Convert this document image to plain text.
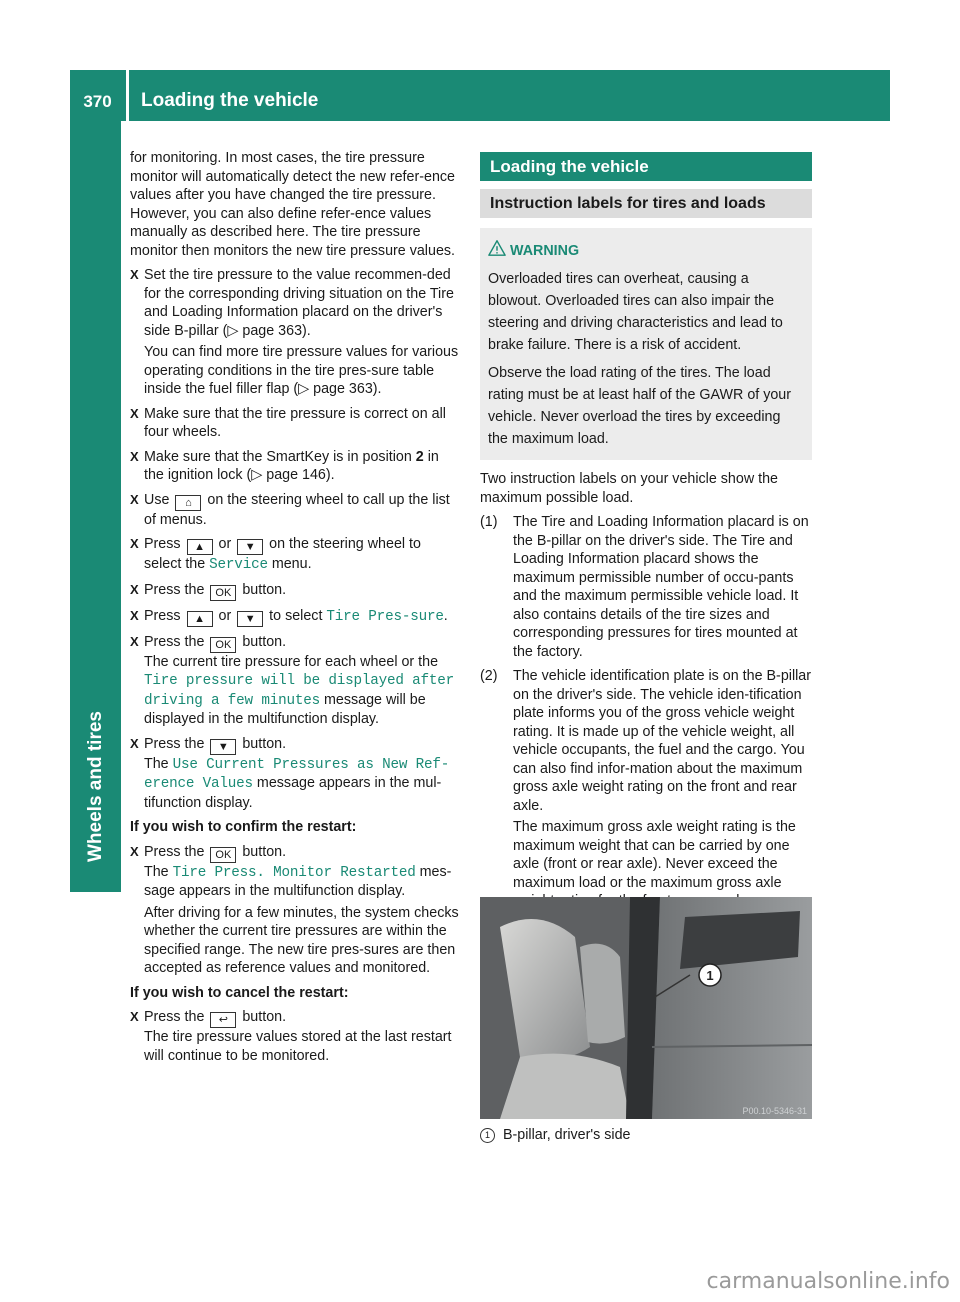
370	Loading the vehicle
Wheels and tires

for monitoring. In most cases, the tire pressure monitor will automatically detect the new refer-ence values after you have changed the tire pressure. However, you can also define refer-ence values manually as described here. The tire pressure monitor then monitors the new tire pressure values.

X Set the tire pressure to the value recommen-ded for the corresponding driving situation on the Tire and Loading Information placard on the driver's side B-pillar (▷ page 363).

You can find more tire pressure values for various operating conditions in the tire pres-sure table inside the fuel filler flap (▷ page 363).

X Make sure that the tire pressure is correct on all four wheels.

X Make sure that the SmartKey is in position 2 in the ignition lock (▷ page 146).

X Use ⌂ on the steering wheel to call up the list of menus.

X Press ▲ or ▼ on the steering wheel to select the Service menu.

X Press the OK button.

X Press ▲ or ▼ to select Tire Pres‐sure.

X Press the OK button.

The current tire pressure for each wheel or the Tire pressure will be displayed after driving a few minutes message will be displayed in the multifunction display.

X Press the ▼ button.

The Use Current Pressures as New Ref‐erence Values message appears in the mul-tifunction display.

If you wish to confirm the restart:

X Press the OK button.

The Tire Press. Monitor Restarted mes-sage appears in the multifunction display.

After driving for a few minutes, the system checks whether the current tire pressures are within the specified range. The new tire pres-sures are then accepted as reference values and monitored.

If you wish to cancel the restart:

X Press the ↩ button.

The tire pressure values stored at the last restart will continue to be monitored.

Loading the vehicle
Instruction labels for tires and loads
WARNING

Overloaded tires can overheat, causing a blowout. Overloaded tires can also impair the steering and driving characteristics and lead to brake failure. There is a risk of accident.

Observe the load rating of the tires. The load rating must be at least half of the GAWR of your vehicle. Never overload the tires by exceeding the maximum load.

Two instruction labels on your vehicle show the maximum possible load.

(1) The Tire and Loading Information placard is on the B-pillar on the driver's side. The Tire and Loading Information placard shows the maximum permissible number of occu-pants and the maximum permissible vehicle load. It also contains details of the tire sizes and corresponding pressures for tires mounted at the factory.

(2) The vehicle identification plate is on the B-pillar on the driver's side. The vehicle iden-tification plate informs you of the gross vehicle weight rating. It is made up of the vehicle weight, all vehicle occupants, the fuel and the cargo. You can also find infor-mation about the maximum gross axle weight rating on the front and rear axle.

The maximum gross axle weight rating is the maximum weight that can be carried by one axle (front or rear axle). Never exceed the maximum load or the maximum gross axle

1
P00.10-5346-31
1 B-pillar, driver's side
carmanualsonline.info
